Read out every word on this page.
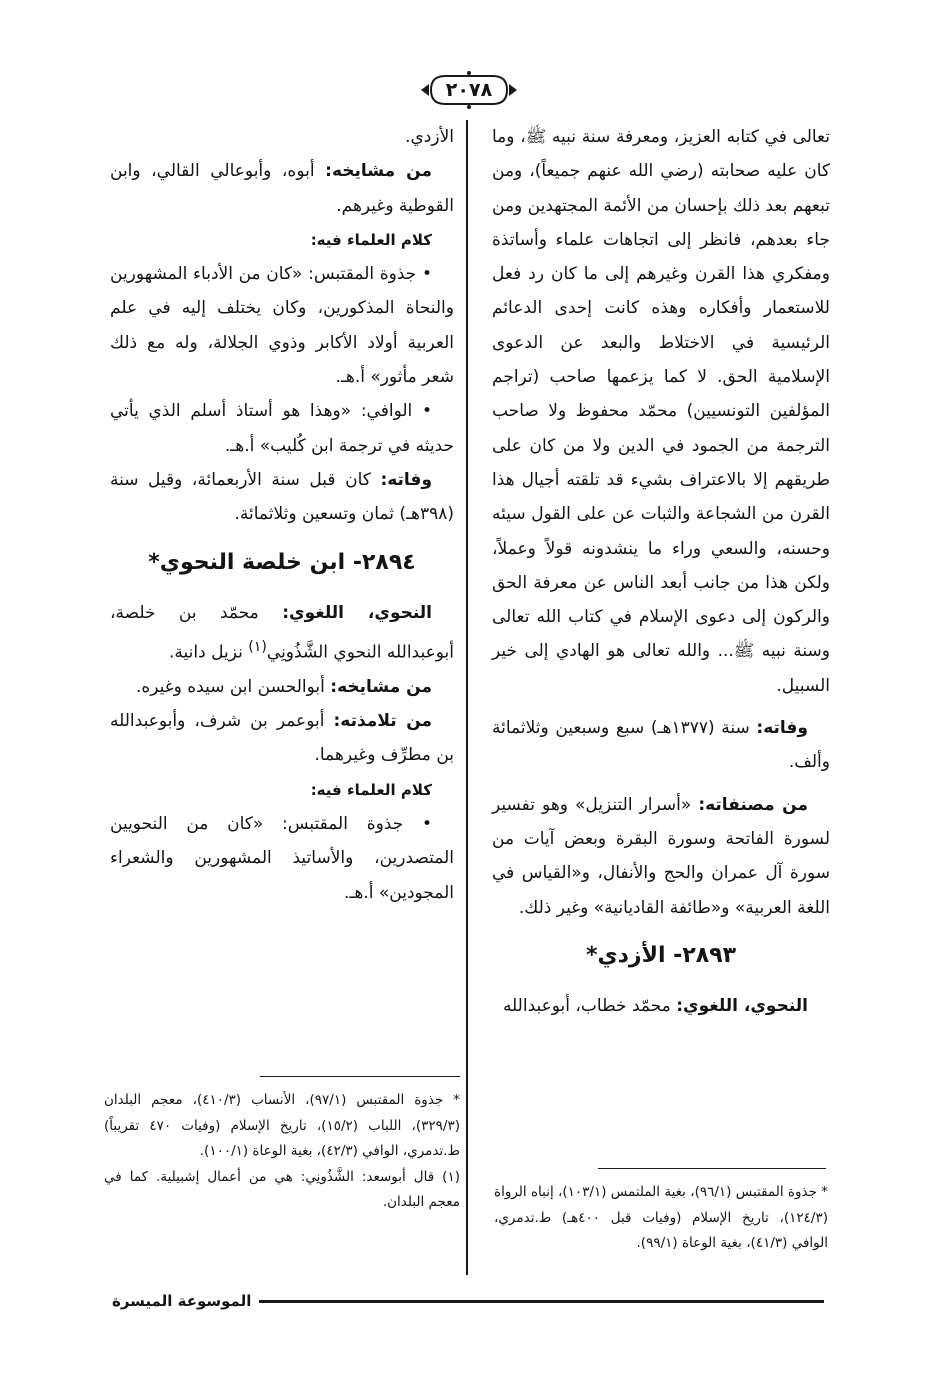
٢٠٧٨

تعالى في كتابه العزيز، ومعرفة سنة نبيه ﷺ، وما كان عليه صحابته (رضي الله عنهم جميعاً)، ومن تبعهم بعد ذلك بإحسان من الأئمة المجتهدين ومن جاء بعدهم، فانظر إلى اتجاهات علماء وأساتذة ومفكري هذا القرن وغيرهم إلى ما كان رد فعل للاستعمار وأفكاره وهذه كانت إحدى الدعائم الرئيسية في الاختلاط والبعد عن الدعوى الإسلامية الحق. لا كما يزعمها صاحب (تراجم المؤلفين التونسيين) محمّد محفوظ ولا صاحب الترجمة من الجمود في الدين ولا من كان على طريقهم إلا بالاعتراف بشيء قد تلقته أجيال هذا القرن من الشجاعة والثبات عن على القول سيئه وحسنه، والسعي وراء ما ينشدونه قولاً وعملاً، ولكن هذا من جانب أبعد الناس عن معرفة الحق والركون إلى دعوى الإسلام في كتاب الله تعالى وسنة نبيه ﷺ... والله تعالى هو الهادي إلى خير السبيل.

وفاته: سنة (١٣٧٧هـ) سبع وسبعين وثلاثمائة وألف.

من مصنفاته: «أسرار التنزيل» وهو تفسير لسورة الفاتحة وسورة البقرة وبعض آيات من سورة آل عمران والحج والأنفال، و«القياس في اللغة العربية» و«طائفة القاديانية» وغير ذلك.

٢٨٩٣- الأزدي*

النحوي، اللغوي: محمّد خطاب، أبوعبدالله

* جذوة المقتبس (٩٦/١)، بغية الملتمس (١٠٣/١)، إنباه الرواة (١٢٤/٣)، تاريخ الإسلام (وفيات قبل ٤٠٠هـ) ط.تدمري، الوافي (٤١/٣)، بغية الوعاة (٩٩/١).

الأزدي.

من مشايخه: أبوه، وأبوعالي القالي، وابن القوطية وغيرهم.

كلام العلماء فيه:

• جذوة المقتبس: «كان من الأدباء المشهورين والنحاة المذكورين، وكان يختلف إليه في علم العربية أولاد الأكابر وذوي الجلالة، وله مع ذلك شعر مأثور» أ.هـ.

• الوافي: «وهذا هو أستاذ أسلم الذي يأتي حديثه في ترجمة ابن كُليب» أ.هـ.

وفاته: كان قبل سنة الأربعمائة، وقيل سنة (٣٩٨هـ) ثمان وتسعين وثلاثمائة.

٢٨٩٤- ابن خلصة النحوي*

النحوي، اللغوي: محمّد بن خلصة، أبوعبدالله النحوي الشَّذُونِي$^{(١)}$ نزيل دانية.

من مشايخه: أبوالحسن ابن سيده وغيره.

من تلامذته: أبوعمر بن شرف، وأبوعبدالله بن مطرِّف وغيرهما.

كلام العلماء فيه:

• جذوة المقتبس: «كان من النحويين المتصدرين، والأساتيذ المشهورين والشعراء المجودين» أ.هـ.

* جذوة المقتبس (٩٧/١)، الأنساب (٤١٠/٣)، معجم البلدان (٣٢٩/٣)، اللباب (١٥/٢)، تاريخ الإسلام (وفيات ٤٧٠ تقريباً) ط.تدمري، الوافي (٤٢/٣)، بغية الوعاة (١٠٠/١).

(١) قال أبوسعد: الشَّذُونِي: هي من أعمال إشبيلية. كما في معجم البلدان.

الموسوعة الميسرة
